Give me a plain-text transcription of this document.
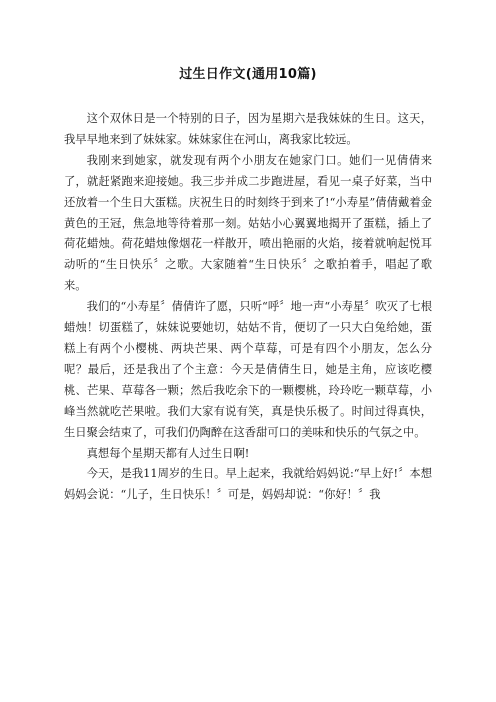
过生日作文(通用10篇)

这个双休日是一个特别的日子，因为星期六是我妹妹的生日。这天，我早早地来到了妹妹家。妹妹家住在河山，离我家比较远。

我刚来到她家，就发现有两个小朋友在她家门口。她们一见倩倩来了，就赶紧跑来迎接她。我三步并成二步跑进屋，看见一桌子好菜，当中还放着一个生日大蛋糕。庆祝生日的时刻终于到来了!“小寿星”倩倩戴着金黄色的王冠，焦急地等待着那一刻。姑姑小心翼翼地揭开了蛋糕，插上了荷花蜡烛。荷花蜡烛像烟花一样散开，喷出艳丽的火焰，接着就响起悦耳动听的“生日快乐〞之歌。大家随着“生日快乐〞之歌拍着手，唱起了歌来。

我们的“小寿星〞倩倩许了愿，只听“呼〞地一声“小寿星〞吹灭了七根蜡烛！切蛋糕了，妹妹说要她切，姑姑不肯，便切了一只大白兔给她，蛋糕上有两个小樱桃、两块芒果、两个草莓，可是有四个小朋友，怎么分呢？最后，还是我出了个主意：今天是倩倩生日，她是主角，应该吃樱桃、芒果、草莓各一颗；然后我吃余下的一颗樱桃，玲玲吃一颗草莓，小峰当然就吃芒果啦。我们大家有说有笑，真是快乐极了。时间过得真快，生日聚会结束了，可我们仍陶醉在这香甜可口的美味和快乐的气氛之中。

真想每个星期天都有人过生日啊!

今天，是我11周岁的生日。早上起来，我就给妈妈说:“早上好!〞本想妈妈会说：“儿子，生日快乐！〞可是，妈妈却说：“你好！〞我
